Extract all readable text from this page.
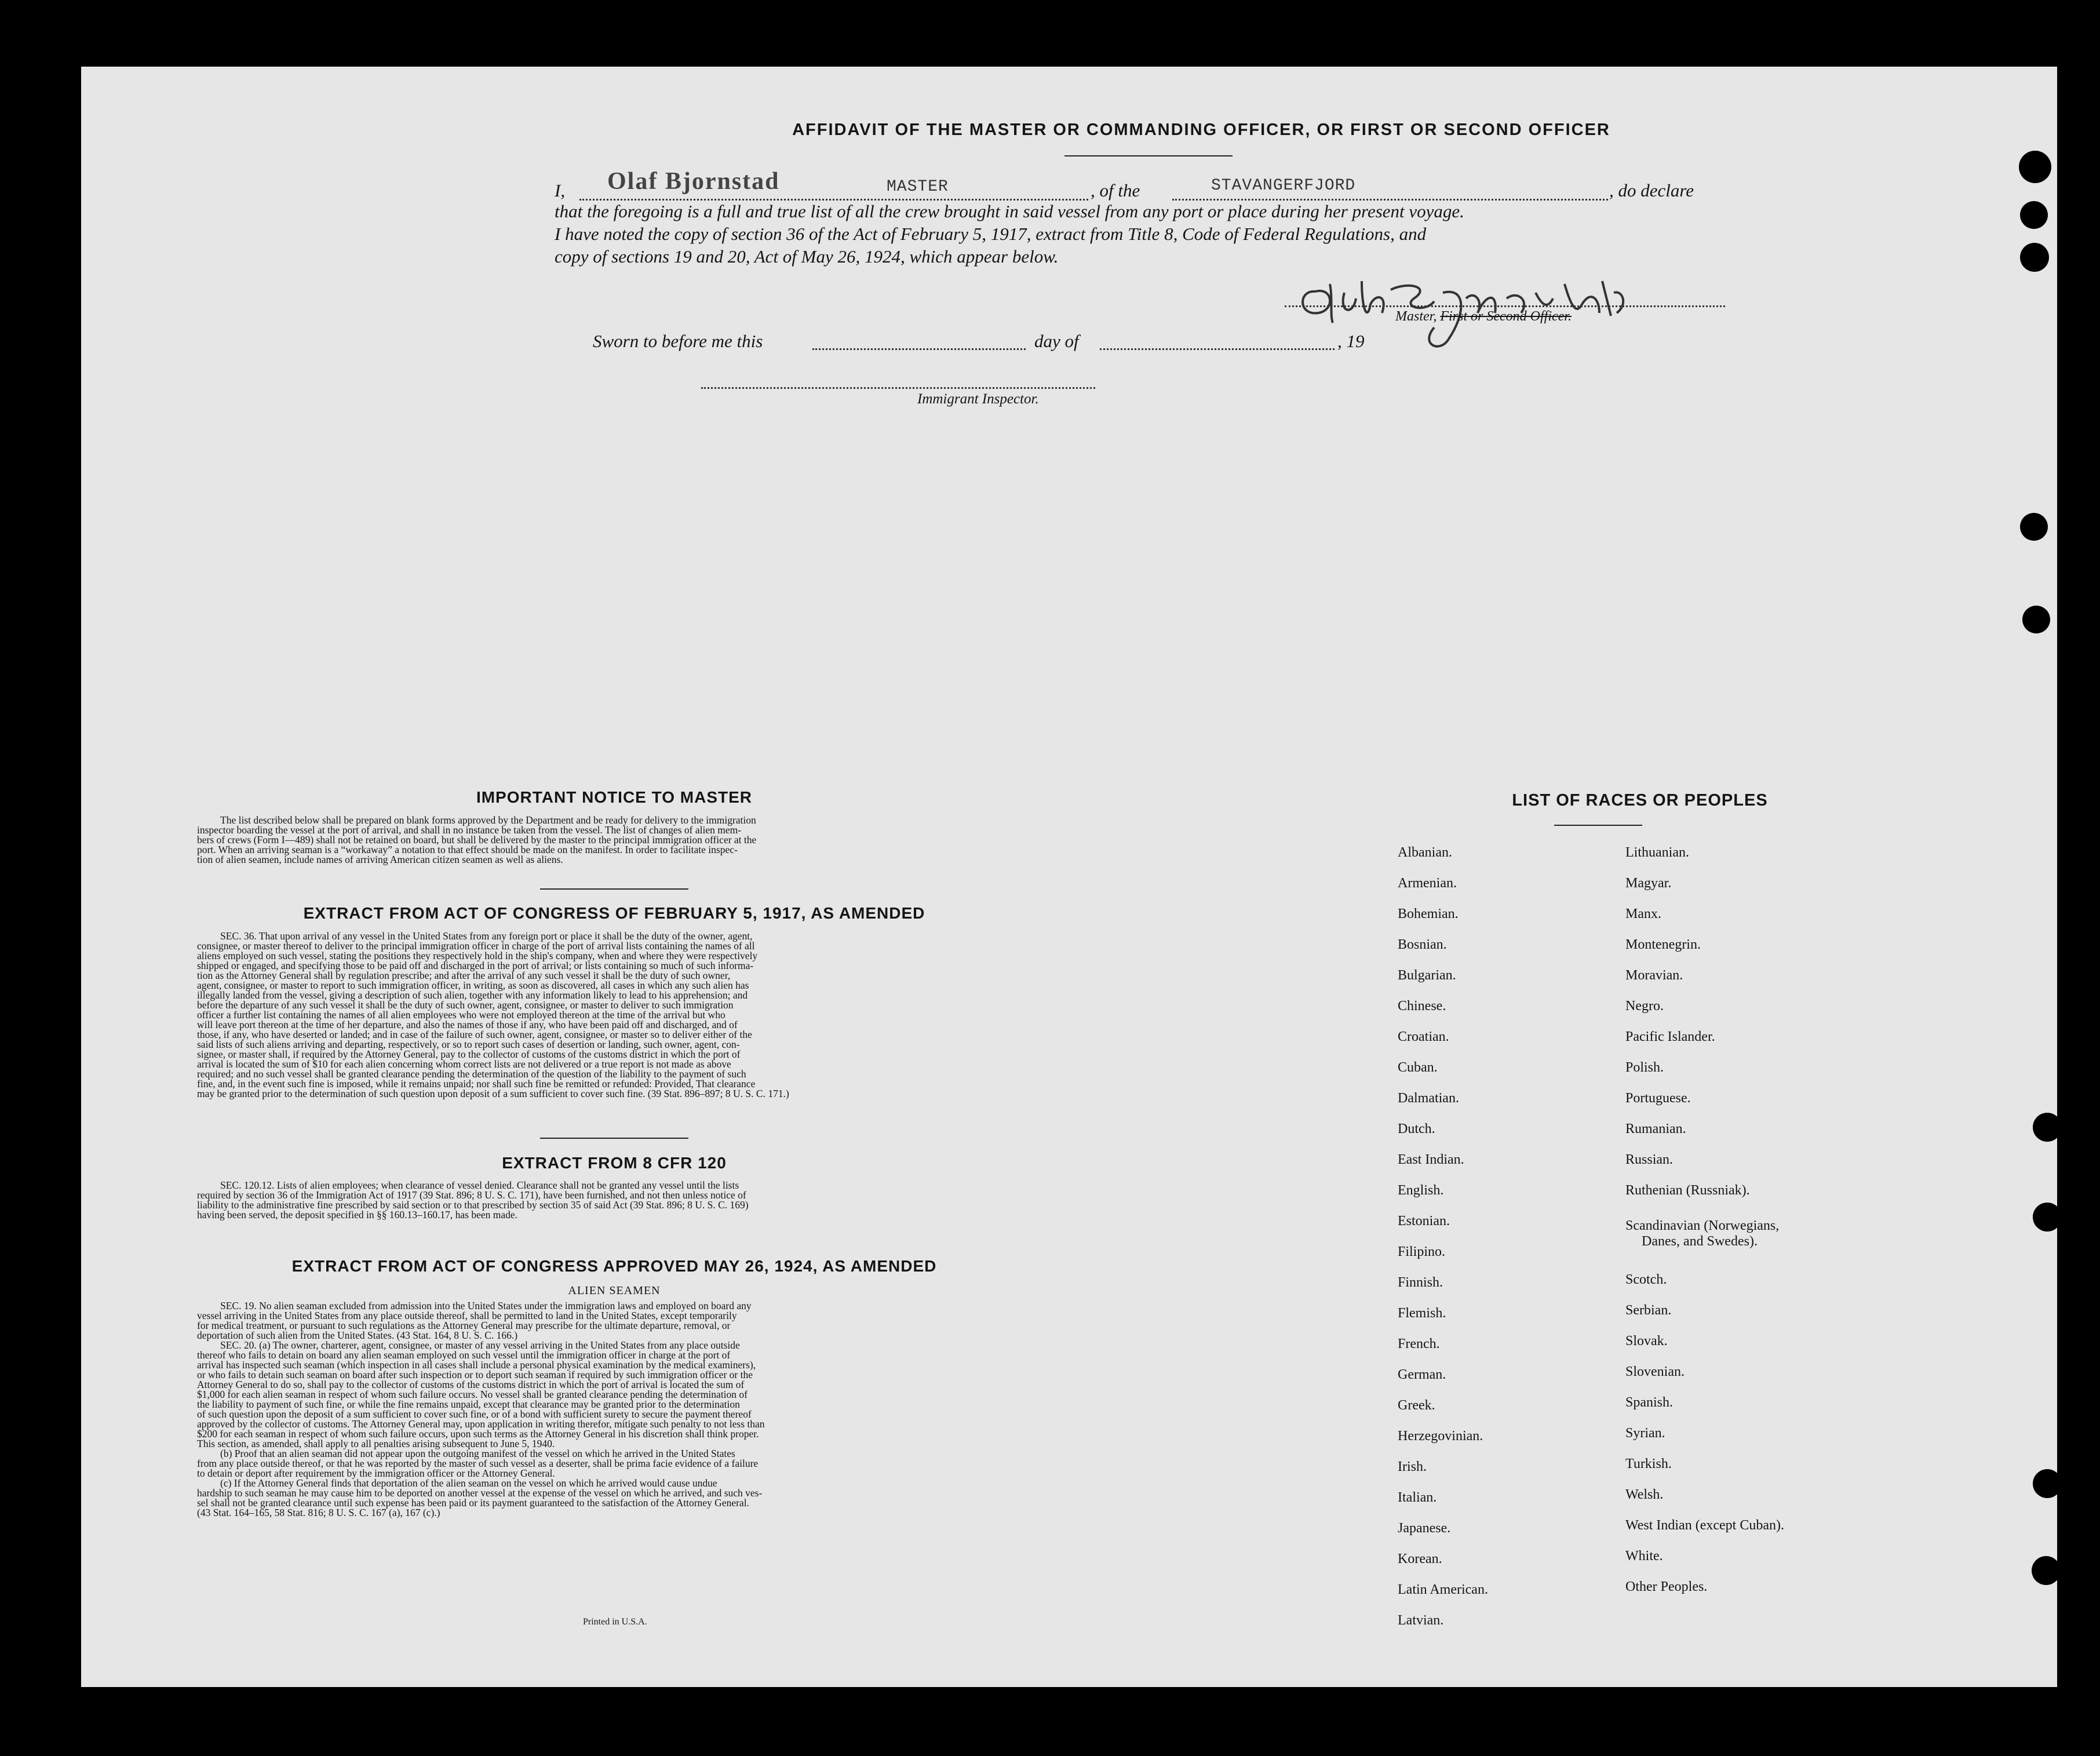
AFFIDAVIT OF THE MASTER OR COMMANDING OFFICER, OR FIRST OR SECOND OFFICER
I, Olaf Bjornstad	MASTER	, of the	STAVANGERFJORD	, do declare
that the foregoing is a full and true list of all the crew brought in said vessel from any port or place during her present voyage.
I have noted the copy of section 36 of the Act of February 5, 1917, extract from Title 8, Code of Federal Regulations, and
copy of sections 19 and 20, Act of May 26, 1924, which appear below.
Master, First or Second Officer.
Sworn to before me this	day of	, 19
Immigrant Inspector.
IMPORTANT NOTICE TO MASTER
The list described below shall be prepared on blank forms approved by the Department and be ready for delivery to the immigration
inspector boarding the vessel at the port of arrival, and shall in no instance be taken from the vessel. The list of changes of alien mem-
bers of crews (Form I—489) shall not be retained on board, but shall be delivered by the master to the principal immigration officer at the
port. When an arriving seaman is a “workaway” a notation to that effect should be made on the manifest. In order to facilitate inspec-
tion of alien seamen, include names of arriving American citizen seamen as well as aliens.
EXTRACT FROM ACT OF CONGRESS OF FEBRUARY 5, 1917, AS AMENDED
SEC. 36. That upon arrival of any vessel in the United States from any foreign port or place it shall be the duty of the owner, agent,
consignee, or master thereof to deliver to the principal immigration officer in charge of the port of arrival lists containing the names of all
aliens employed on such vessel, stating the positions they respectively hold in the ship's company, when and where they were respectively
shipped or engaged, and specifying those to be paid off and discharged in the port of arrival; or lists containing so much of such informa-
tion as the Attorney General shall by regulation prescribe; and after the arrival of any such vessel it shall be the duty of such owner,
agent, consignee, or master to report to such immigration officer, in writing, as soon as discovered, all cases in which any such alien has
illegally landed from the vessel, giving a description of such alien, together with any information likely to lead to his apprehension; and
before the departure of any such vessel it shall be the duty of such owner, agent, consignee, or master to deliver to such immigration
officer a further list containing the names of all alien employees who were not employed thereon at the time of the arrival but who
will leave port thereon at the time of her departure, and also the names of those if any, who have been paid off and discharged, and of
those, if any, who have deserted or landed; and in case of the failure of such owner, agent, consignee, or master so to deliver either of the
said lists of such aliens arriving and departing, respectively, or so to report such cases of desertion or landing, such owner, agent, con-
signee, or master shall, if required by the Attorney General, pay to the collector of customs of the customs district in which the port of
arrival is located the sum of $10 for each alien concerning whom correct lists are not delivered or a true report is not made as above
required; and no such vessel shall be granted clearance pending the determination of the question of the liability to the payment of such
fine, and, in the event such fine is imposed, while it remains unpaid; nor shall such fine be remitted or refunded: Provided, That clearance
may be granted prior to the determination of such question upon deposit of a sum sufficient to cover such fine. (39 Stat. 896–897; 8 U. S. C. 171.)
EXTRACT FROM 8 CFR 120
SEC. 120.12. Lists of alien employees; when clearance of vessel denied. Clearance shall not be granted any vessel until the lists
required by section 36 of the Immigration Act of 1917 (39 Stat. 896; 8 U. S. C. 171), have been furnished, and not then unless notice of
liability to the administrative fine prescribed by said section or to that prescribed by section 35 of said Act (39 Stat. 896; 8 U. S. C. 169)
having been served, the deposit specified in §§ 160.13–160.17, has been made.
EXTRACT FROM ACT OF CONGRESS APPROVED MAY 26, 1924, AS AMENDED
ALIEN SEAMEN
SEC. 19. No alien seaman excluded from admission into the United States under the immigration laws and employed on board any
vessel arriving in the United States from any place outside thereof, shall be permitted to land in the United States, except temporarily
for medical treatment, or pursuant to such regulations as the Attorney General may prescribe for the ultimate departure, removal, or
deportation of such alien from the United States. (43 Stat. 164, 8 U. S. C. 166.)
SEC. 20. (a) The owner, charterer, agent, consignee, or master of any vessel arriving in the United States from any place outside
thereof who fails to detain on board any alien seaman employed on such vessel until the immigration officer in charge at the port of
arrival has inspected such seaman (which inspection in all cases shall include a personal physical examination by the medical examiners),
or who fails to detain such seaman on board after such inspection or to deport such seaman if required by such immigration officer or the
Attorney General to do so, shall pay to the collector of customs of the customs district in which the port of arrival is located the sum of
$1,000 for each alien seaman in respect of whom such failure occurs. No vessel shall be granted clearance pending the determination of
the liability to payment of such fine, or while the fine remains unpaid, except that clearance may be granted prior to the determination
of such question upon the deposit of a sum sufficient to cover such fine, or of a bond with sufficient surety to secure the payment thereof
approved by the collector of customs. The Attorney General may, upon application in writing therefor, mitigate such penalty to not less than
$200 for each seaman in respect of whom such failure occurs, upon such terms as the Attorney General in his discretion shall think proper.
This section, as amended, shall apply to all penalties arising subsequent to June 5, 1940.
(b) Proof that an alien seaman did not appear upon the outgoing manifest of the vessel on which he arrived in the United States
from any place outside thereof, or that he was reported by the master of such vessel as a deserter, shall be prima facie evidence of a failure
to detain or deport after requirement by the immigration officer or the Attorney General.
(c) If the Attorney General finds that deportation of the alien seaman on the vessel on which he arrived would cause undue
hardship to such seaman he may cause him to be deported on another vessel at the expense of the vessel on which he arrived, and such ves-
sel shall not be granted clearance until such expense has been paid or its payment guaranteed to the satisfaction of the Attorney General.
(43 Stat. 164–165, 58 Stat. 816; 8 U. S. C. 167 (a), 167 (c).)
Printed in U.S.A.
LIST OF RACES OR PEOPLES
Albanian.
Armenian.
Bohemian.
Bosnian.
Bulgarian.
Chinese.
Croatian.
Cuban.
Dalmatian.
Dutch.
East Indian.
English.
Estonian.
Filipino.
Finnish.
Flemish.
French.
German.
Greek.
Herzegovinian.
Irish.
Italian.
Japanese.
Korean.
Latin American.
Latvian.
Lithuanian.
Magyar.
Manx.
Montenegrin.
Moravian.
Negro.
Pacific Islander.
Polish.
Portuguese.
Rumanian.
Russian.
Ruthenian (Russniak).
Scandinavian (Norwegians,
Danes, and Swedes).
Scotch.
Serbian.
Slovak.
Slovenian.
Spanish.
Syrian.
Turkish.
Welsh.
West Indian (except Cuban).
White.
Other Peoples.
